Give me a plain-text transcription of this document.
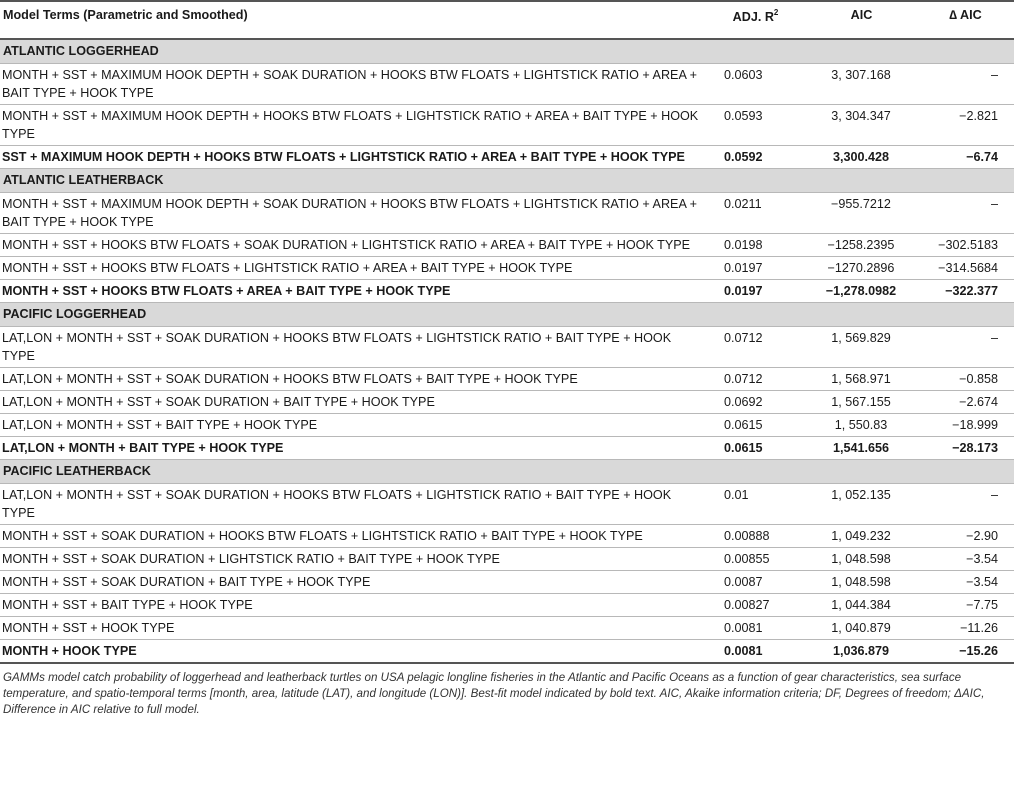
Model Terms (Parametric and Smoothed)	ADJ. $R^2$	AIC	∆ AIC
ATLANTIC LOGGERHEAD			
MONTH + SST + MAXIMUM HOOK DEPTH + SOAK DURATION + HOOKS BTW FLOATS + LIGHTSTICK RATIO + AREA + BAIT TYPE + HOOK TYPE	0.0603	3, 307.168	–
MONTH + SST + MAXIMUM HOOK DEPTH + HOOKS BTW FLOATS + LIGHTSTICK RATIO + AREA + BAIT TYPE + HOOK TYPE	0.0593	3, 304.347	−2.821
SST + MAXIMUM HOOK DEPTH + HOOKS BTW FLOATS + LIGHTSTICK RATIO + AREA + BAIT TYPE + HOOK TYPE	0.0592	3,300.428	−6.74
ATLANTIC LEATHERBACK			
MONTH + SST + MAXIMUM HOOK DEPTH + SOAK DURATION + HOOKS BTW FLOATS + LIGHTSTICK RATIO + AREA + BAIT TYPE + HOOK TYPE	0.0211	−955.7212	–
MONTH + SST + HOOKS BTW FLOATS + SOAK DURATION + LIGHTSTICK RATIO + AREA + BAIT TYPE + HOOK TYPE	0.0198	−1258.2395	−302.5183
MONTH + SST + HOOKS BTW FLOATS + LIGHTSTICK RATIO + AREA + BAIT TYPE + HOOK TYPE	0.0197	−1270.2896	−314.5684
MONTH + SST + HOOKS BTW FLOATS + AREA + BAIT TYPE + HOOK TYPE	0.0197	−1,278.0982	−322.377
PACIFIC LOGGERHEAD			
LAT,LON + MONTH + SST + SOAK DURATION + HOOKS BTW FLOATS + LIGHTSTICK RATIO + BAIT TYPE + HOOK TYPE	0.0712	1, 569.829	–
LAT,LON + MONTH + SST + SOAK DURATION + HOOKS BTW FLOATS + BAIT TYPE + HOOK TYPE	0.0712	1, 568.971	−0.858
LAT,LON + MONTH + SST + SOAK DURATION + BAIT TYPE + HOOK TYPE	0.0692	1, 567.155	−2.674
LAT,LON + MONTH + SST + BAIT TYPE + HOOK TYPE	0.0615	1, 550.83	−18.999
LAT,LON + MONTH + BAIT TYPE + HOOK TYPE	0.0615	1,541.656	−28.173
PACIFIC LEATHERBACK			
LAT,LON + MONTH + SST + SOAK DURATION + HOOKS BTW FLOATS + LIGHTSTICK RATIO + BAIT TYPE + HOOK TYPE	0.01	1, 052.135	–
MONTH + SST + SOAK DURATION + HOOKS BTW FLOATS + LIGHTSTICK RATIO + BAIT TYPE + HOOK TYPE	0.00888	1, 049.232	−2.90
MONTH + SST + SOAK DURATION + LIGHTSTICK RATIO + BAIT TYPE + HOOK TYPE	0.00855	1, 048.598	−3.54
MONTH + SST + SOAK DURATION + BAIT TYPE + HOOK TYPE	0.0087	1, 048.598	−3.54
MONTH + SST + BAIT TYPE + HOOK TYPE	0.00827	1, 044.384	−7.75
MONTH + SST + HOOK TYPE	0.0081	1, 040.879	−11.26
MONTH + HOOK TYPE	0.0081	1,036.879	−15.26
GAMMs model catch probability of loggerhead and leatherback turtles on USA pelagic longline fisheries in the Atlantic and Pacific Oceans as a function of gear characteristics, sea surface temperature, and spatio-temporal terms [month, area, latitude (LAT), and longitude (LON)]. Best-fit model indicated by bold text. AIC, Akaike information criteria; DF, Degrees of freedom; ΔAIC, Difference in AIC relative to full model.
